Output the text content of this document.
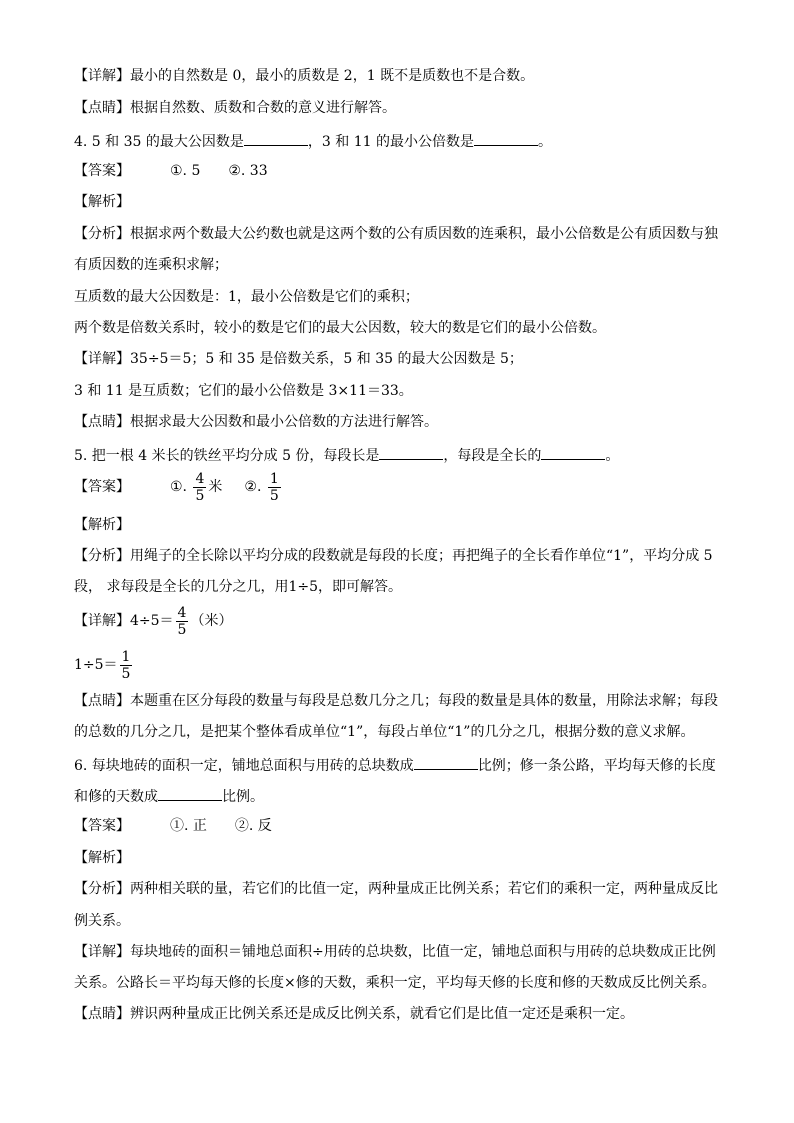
【详解】最小的自然数是 0，最小的质数是 2，1 既不是质数也不是合数。
【点睛】根据自然数、质数和合数的意义进行解答。
4. 5 和 35 的最大公因数是	，3 和 11 的最小公倍数是	。
【答案】	①. 5 ②. 33
【解析】
【分析】根据求两个数最大公约数也就是这两个数的公有质因数的连乘积，最小公倍数是公有质因数与独
有质因数的连乘积求解；
互质数的最大公因数是：1，最小公倍数是它们的乘积；
两个数是倍数关系时，较小的数是它们的最大公因数，较大的数是它们的最小公倍数。
【详解】35÷5＝5；5 和 35 是倍数关系，5 和 35 的最大公因数是 5；
3 和 11 是互质数；它们的最小公倍数是 3×11＝33。
【点睛】根据求最大公因数和最小公倍数的方法进行解答。
5. 把一根 4 米长的铁丝平均分成 5 份，每段长是	，每段是全长的	。
【答案】	①. $\frac{4}{5}$ 米 ②. $\frac{1}{5}$
【解析】
【分析】用绳子的全长除以平均分成的段数就是每段的长度；再把绳子的全长看作单位“1”，平均分成 5
段， 求每段是全长的几分之几，用1÷5，即可解答。
【详解】$4\div 5= \frac{4}{5}$ （米）
$1\div 5= \frac{1}{5}$
【点睛】本题重在区分每段的数量与每段是总数几分之几；每段的数量是具体的数量，用除法求解；每段
的总数的几分之几，是把某个整体看成单位“1”，每段占单位“1”的几分之几，根据分数的意义求解。
6. 每块地砖的面积一定，铺地总面积与用砖的总块数成	比例；修一条公路，平均每天修的长度
和修的天数成	比例。
【答案】	①. 正 ②. 反
【解析】
【分析】两种相关联的量，若它们的比值一定，两种量成正比例关系；若它们的乘积一定，两种量成反比
例关系。
【详解】每块地砖的面积＝铺地总面积÷用砖的总块数，比值一定，铺地总面积与用砖的总块数成正比例
关系。公路长＝平均每天修的长度×修的天数，乘积一定，平均每天修的长度和修的天数成反比例关系。
【点睛】辨识两种量成正比例关系还是成反比例关系，就看它们是比值一定还是乘积一定。
